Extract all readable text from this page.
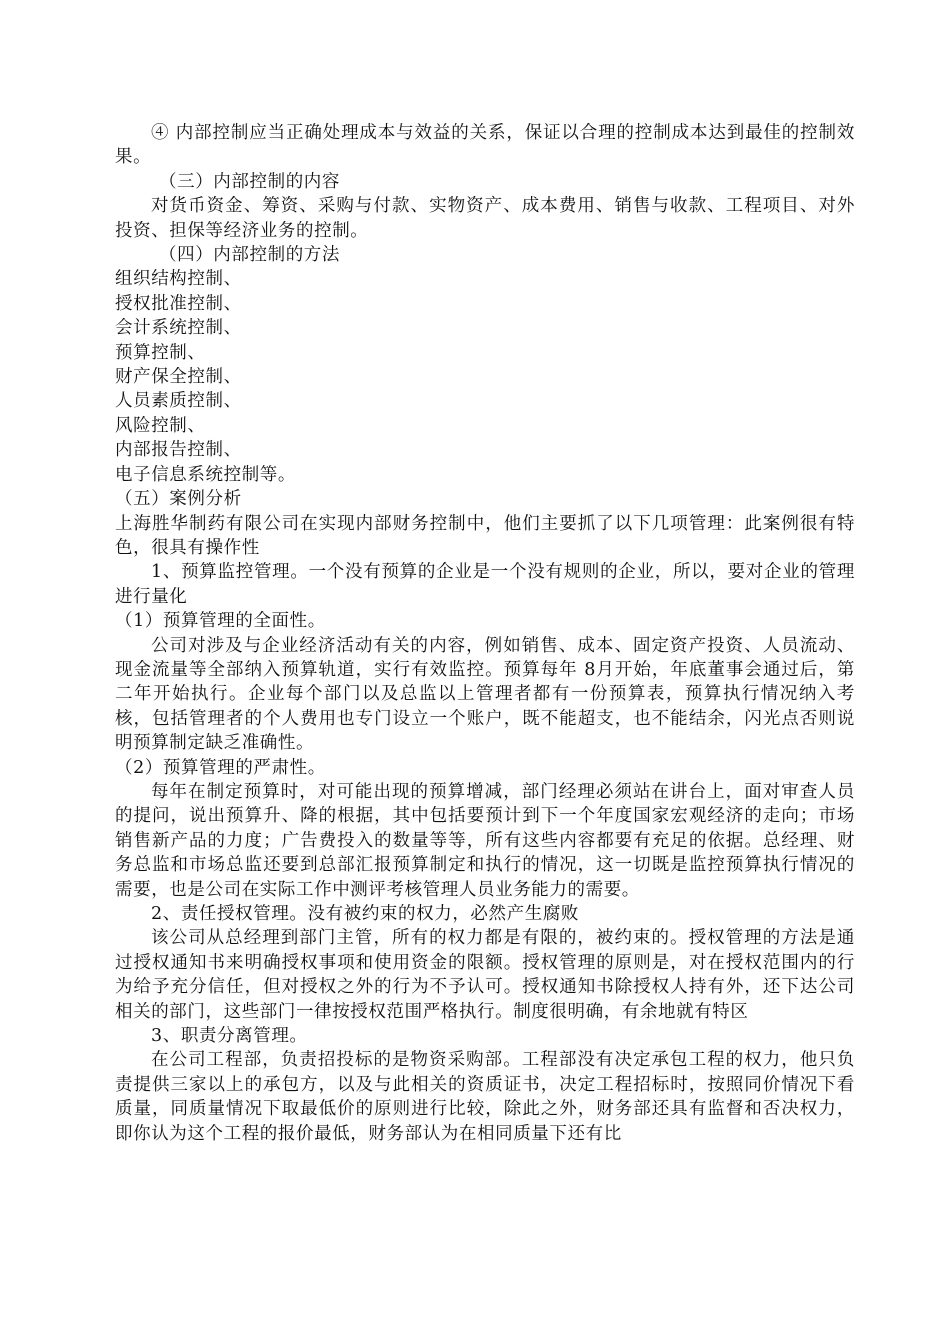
④ 内部控制应当正确处理成本与效益的关系，保证以合理的控制成本达到最佳的控制效果。

（三）内部控制的内容

对货币资金、筹资、采购与付款、实物资产、成本费用、销售与收款、工程项目、对外投资、担保等经济业务的控制。

（四）内部控制的方法

组织结构控制、

授权批准控制、

会计系统控制、

预算控制、

财产保全控制、

人员素质控制、

风险控制、

内部报告控制、

电子信息系统控制等。

（五）案例分析

上海胜华制药有限公司在实现内部财务控制中，他们主要抓了以下几项管理：此案例很有特色，很具有操作性

1、预算监控管理。一个没有预算的企业是一个没有规则的企业，所以，要对企业的管理进行量化

（1）预算管理的全面性。

公司对涉及与企业经济活动有关的内容，例如销售、成本、固定资产投资、人员流动、现金流量等全部纳入预算轨道，实行有效监控。预算每年 8月开始，年底董事会通过后，第二年开始执行。企业每个部门以及总监以上管理者都有一份预算表，预算执行情况纳入考核，包括管理者的个人费用也专门设立一个账户，既不能超支，也不能结余，闪光点否则说明预算制定缺乏准确性。

（2）预算管理的严肃性。

每年在制定预算时，对可能出现的预算增减，部门经理必须站在讲台上，面对审查人员的提问，说出预算升、降的根据，其中包括要预计到下一个年度国家宏观经济的走向；市场销售新产品的力度；广告费投入的数量等等，所有这些内容都要有充足的依据。总经理、财务总监和市场总监还要到总部汇报预算制定和执行的情况，这一切既是监控预算执行情况的需要，也是公司在实际工作中测评考核管理人员业务能力的需要。

2、责任授权管理。没有被约束的权力，必然产生腐败

该公司从总经理到部门主管，所有的权力都是有限的，被约束的。授权管理的方法是通过授权通知书来明确授权事项和使用资金的限额。授权管理的原则是，对在授权范围内的行为给予充分信任，但对授权之外的行为不予认可。授权通知书除授权人持有外，还下达公司相关的部门，这些部门一律按授权范围严格执行。制度很明确，有余地就有特区

3、职责分离管理。

在公司工程部，负责招投标的是物资采购部。工程部没有决定承包工程的权力，他只负责提供三家以上的承包方，以及与此相关的资质证书，决定工程招标时，按照同价情况下看质量，同质量情况下取最低价的原则进行比较，除此之外，财务部还具有监督和否决权力，即你认为这个工程的报价最低，财务部认为在相同质量下还有比
